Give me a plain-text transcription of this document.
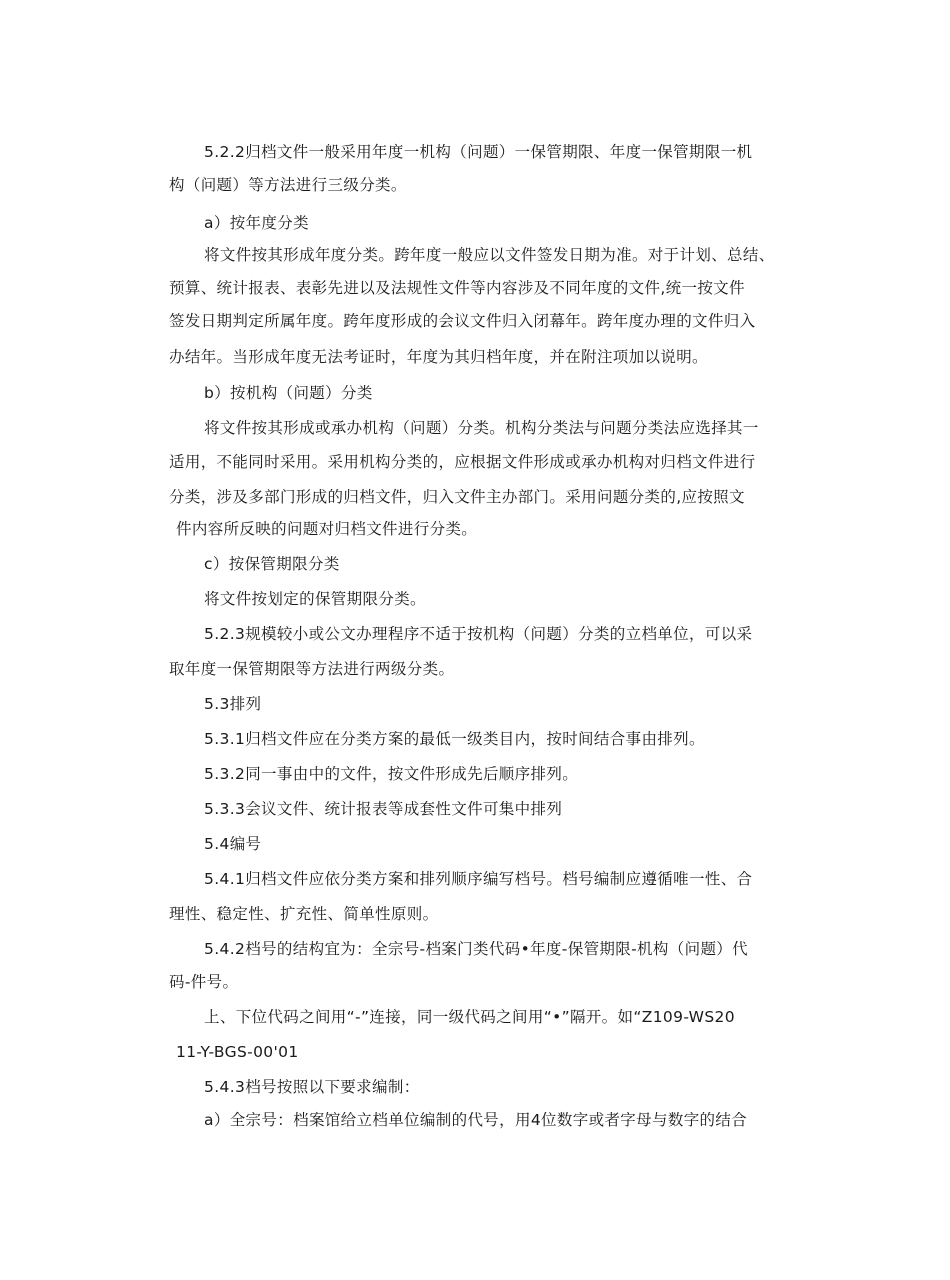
5.2.2归档文件一般采用年度一机构（问题）一保管期限、年度一保管期限一机
构（问题）等方法进行三级分类。
a）按年度分类
将文件按其形成年度分类。跨年度一般应以文件签发日期为准。对于计划、总结、
预算、统计报表、表彰先进以及法规性文件等内容涉及不同年度的文件,统一按文件
签发日期判定所属年度。跨年度形成的会议文件归入闭幕年。跨年度办理的文件归入
办结年。当形成年度无法考证时，年度为其归档年度，并在附注项加以说明。
b）按机构（问题）分类
将文件按其形成或承办机构（问题）分类。机构分类法与问题分类法应选择其一
适用，不能同时采用。采用机构分类的，应根据文件形成或承办机构对归档文件进行
分类，涉及多部门形成的归档文件，归入文件主办部门。采用问题分类的,应按照文
件内容所反映的问题对归档文件进行分类。
c）按保管期限分类
将文件按划定的保管期限分类。
5.2.3规模较小或公文办理程序不适于按机构（问题）分类的立档单位，可以采
取年度一保管期限等方法进行两级分类。
5.3排列
5.3.1归档文件应在分类方案的最低一级类目内，按时间结合事由排列。
5.3.2同一事由中的文件，按文件形成先后顺序排列。
5.3.3会议文件、统计报表等成套性文件可集中排列
5.4编号
5.4.1归档文件应依分类方案和排列顺序编写档号。档号编制应遵循唯一性、合
理性、稳定性、扩充性、简单性原则。
5.4.2档号的结构宜为：全宗号-档案门类代码•年度-保管期限-机构（问题）代
码-件号。
上、下位代码之间用“-”连接，同一级代码之间用“•”隔开。如“Z109-WS20
11-Y-BGS-00'01
5.4.3档号按照以下要求编制：
a）全宗号：档案馆给立档单位编制的代号，用4位数字或者字母与数字的结合
